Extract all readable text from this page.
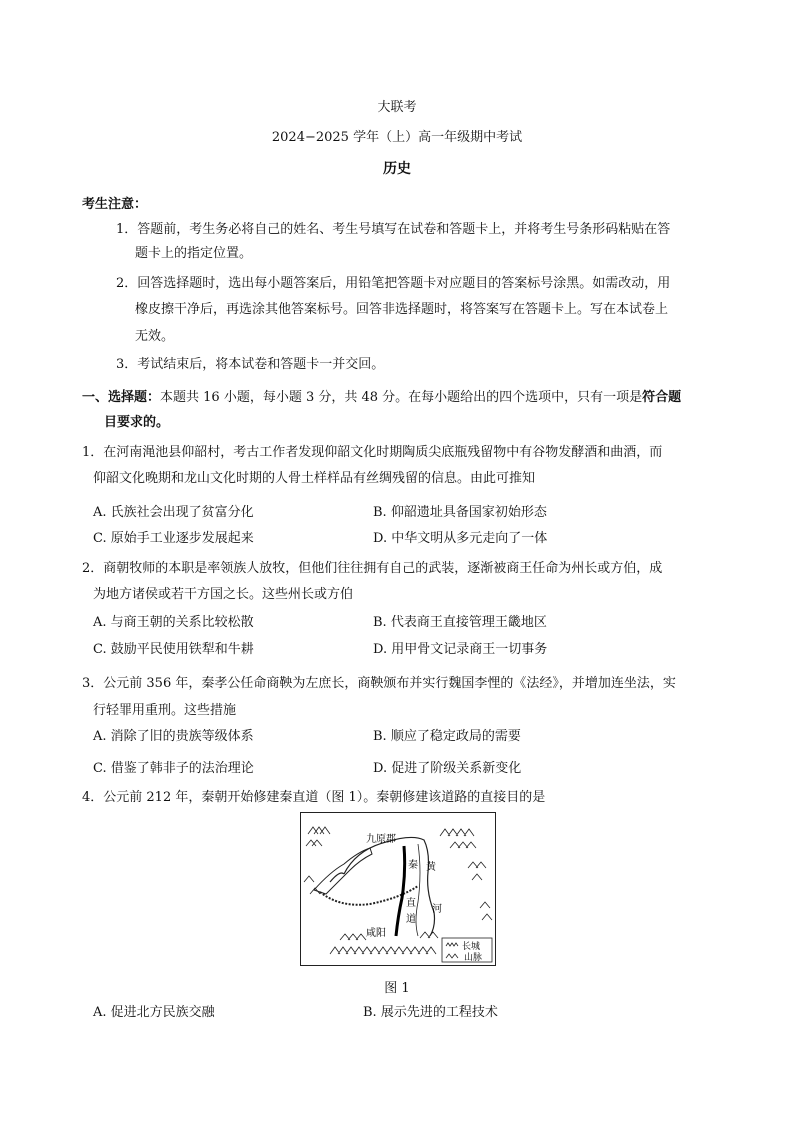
大联考
2024−2025 学年（上）高一年级期中考试
历史
考生注意：
1．答题前，考生务必将自己的姓名、考生号填写在试卷和答题卡上，并将考生号条形码粘贴在答
题卡上的指定位置。
2．回答选择题时，选出每小题答案后，用铅笔把答题卡对应题目的答案标号涂黑。如需改动，用
橡皮擦干净后，再选涂其他答案标号。回答非选择题时，将答案写在答题卡上。写在本试卷上
无效。
3．考试结束后，将本试卷和答题卡一并交回。
一、选择题：本题共 16 小题，每小题 3 分，共 48 分。在每小题给出的四个选项中，只有一项是符合题
目要求的。
1．在河南渑池县仰韶村，考古工作者发现仰韶文化时期陶质尖底瓶残留物中有谷物发酵酒和曲酒，而
仰韶文化晚期和龙山文化时期的人骨土样样品有丝绸残留的信息。由此可推知
A. 氏族社会出现了贫富分化	B. 仰韶遗址具备国家初始形态
C. 原始手工业逐步发展起来	D. 中华文明从多元走向了一体
2．商朝牧师的本职是率领族人放牧，但他们往往拥有自己的武装，逐渐被商王任命为州长或方伯，成
为地方诸侯或若干方国之长。这些州长或方伯
A. 与商王朝的关系比较松散	B. 代表商王直接管理王畿地区
C. 鼓励平民使用铁犁和牛耕	D. 用甲骨文记录商王一切事务
3．公元前 356 年，秦孝公任命商鞅为左庶长，商鞅颁布并实行魏国李悝的《法经》，并增加连坐法，实
行轻罪用重刑。这些措施
A. 消除了旧的贵族等级体系	B. 顺应了稳定政局的需要
C. 借鉴了韩非子的法治理论	D. 促进了阶级关系新变化
4．公元前 212 年，秦朝开始修建秦直道（图 1）。秦朝修建该道路的直接目的是
九原郡
秦
直
道
咸阳
黄
河
长城
山脉
图 1
A. 促进北方民族交融	B. 展示先进的工程技术
